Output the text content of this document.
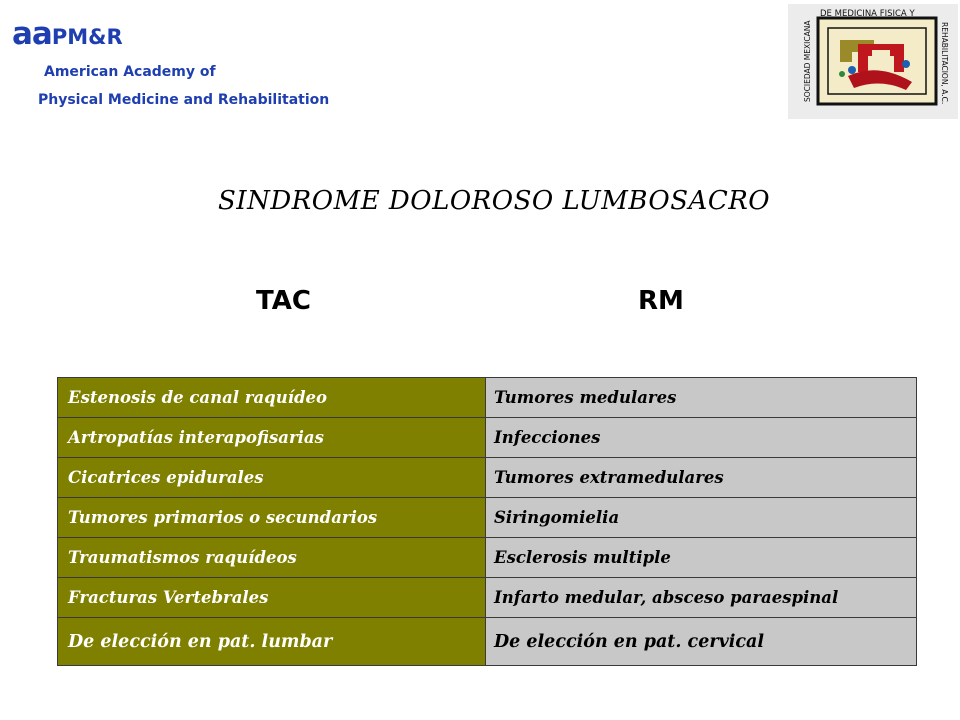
aaPM&R
American Academy of
Physical Medicine and Rehabilitation
DE MEDICINA FISICA Y
SOCIEDAD MEXICANA	REHABILITACION, A.C.
SINDROME DOLOROSO LUMBOSACRO
TAC	RM
Estenosis de canal raquídeo	Tumores medulares
Artropatías interapofisarias	Infecciones
Cicatrices epidurales	Tumores extramedulares
Tumores primarios o secundarios	Siringomielia
Traumatismos raquídeos	Esclerosis multiple
Fracturas Vertebrales	Infarto medular, absceso paraespinal
De elección en pat. lumbar	De elección en pat. cervical
